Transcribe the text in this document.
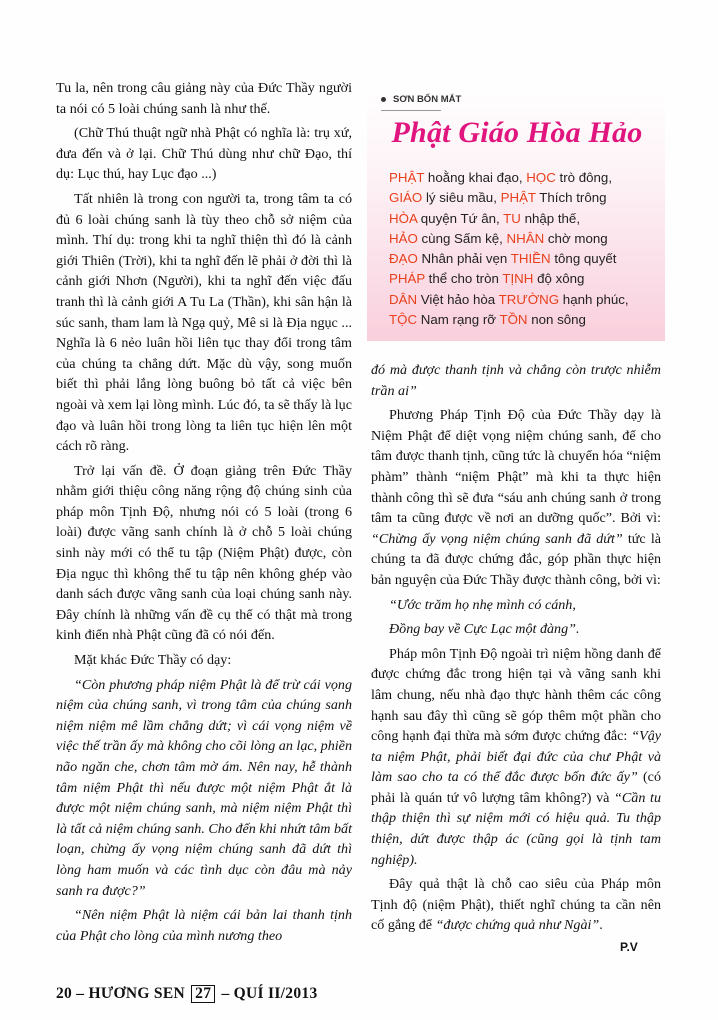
Tu la, nên trong câu giảng này của Đức Thầy người ta nói có 5 loài chúng sanh là như thế.

(Chữ Thú thuật ngữ nhà Phật có nghĩa là: trụ xứ, đưa đến và ở lại. Chữ Thú dùng như chữ Đạo, thí dụ: Lục thú, hay Lục đạo ...)

Tất nhiên là trong con người ta, trong tâm ta có đủ 6 loài chúng sanh là tùy theo chỗ sở niệm của mình. Thí dụ: trong khi ta nghĩ thiện thì đó là cảnh giới Thiên (Trời), khi ta nghĩ đến lẽ phải ở đời thì là cảnh giới Nhơn (Người), khi ta nghĩ đến việc đấu tranh thì là cảnh giới A Tu La (Thần), khi sân hận là súc sanh, tham lam là Ngạ quỷ, Mê si là Địa ngục ... Nghĩa là 6 nẻo luân hồi liên tục thay đổi trong tâm của chúng ta chẳng dứt. Mặc dù vậy, song muốn biết thì phải lắng lòng buông bỏ tất cả việc bên ngoài và xem lại lòng mình. Lúc đó, ta sẽ thấy là lục đạo và luân hồi trong lòng ta liên tục hiện lên một cách rõ ràng.

Trở lại vấn đề. Ở đoạn giảng trên Đức Thầy nhằm giới thiệu công năng rộng độ chúng sinh của pháp môn Tịnh Độ, nhưng nói có 5 loài (trong 6 loài) được vãng sanh chính là ở chỗ 5 loài chúng sinh này mới có thể tu tập (Niệm Phật) được, còn Địa ngục thì không thể tu tập nên không ghép vào danh sách được vãng sanh của loại chúng sanh này. Đây chính là những vấn đề cụ thể có thật mà trong kinh điển nhà Phật cũng đã có nói đến.

Mặt khác Đức Thầy có dạy:

“Còn phương pháp niệm Phật là để trừ cái vọng niệm của chúng sanh, vì trong tâm của chúng sanh niệm niệm mê lầm chẳng dứt; vì cái vọng niệm về việc thế trần ấy mà không cho cõi lòng an lạc, phiền não ngăn che, chơn tâm mờ ám. Nên nay, hễ thành tâm niệm Phật thì nếu được một niệm Phật ắt là được một niệm chúng sanh, mà niệm niệm Phật thì là tất cả niệm chúng sanh. Cho đến khi nhứt tâm bất loạn, chừng ấy vọng niệm chúng sanh đã dứt thì lòng ham muốn và các tình dục còn đâu mà nảy sanh ra được?”

“Nên niệm Phật là niệm cái bản lai thanh tịnh của Phật cho lòng của mình nương theo

SƠN BỐN MẮT
Phật Giáo Hòa Hảo
PHẬT hoằng khai đạo, HỌC trò đông,
GIÁO lý siêu mầu, PHẬT Thích trông
HÒA quyện Tứ ân, TU nhập thế,
HẢO cùng Sấm kệ, NHÂN chờ mong
ĐẠO Nhân phải vẹn THIỀN tông quyết
PHÁP thể cho tròn TỊNH độ xông
DÂN Việt hảo hòa TRƯỜNG hạnh phúc,
TỘC Nam rạng rỡ TỒN non sông

đó mà được thanh tịnh và chẳng còn trược nhiễm trần ai”

Phương Pháp Tịnh Độ của Đức Thầy dạy là Niệm Phật để diệt vọng niệm chúng sanh, để cho tâm được thanh tịnh, cũng tức là chuyển hóa “niệm phàm” thành “niệm Phật” mà khi ta thực hiện thành công thì sẽ đưa “sáu anh chúng sanh ở trong tâm ta cũng được về nơi an dưỡng quốc”. Bởi vì: “Chừng ấy vọng niệm chúng sanh đã dứt” tức là chúng ta đã được chứng đắc, góp phần thực hiện bản nguyện của Đức Thầy được thành công, bởi vì:

“Ước trăm họ nhẹ mình có cánh,

Đồng bay về Cực Lạc một đàng”.

Pháp môn Tịnh Độ ngoài trì niệm hồng danh để được chứng đắc trong hiện tại và vãng sanh khi lâm chung, nếu nhà đạo thực hành thêm các công hạnh sau đây thì cũng sẽ góp thêm một phần cho công hạnh đại thừa mà sớm được chứng đắc: “Vậy ta niệm Phật, phải biết đại đức của chư Phật và làm sao cho ta có thể đắc được bốn đức ấy” (có phải là quán tứ vô lượng tâm không?) và “Cần tu thập thiện thì sự niệm mới có hiệu quả. Tu thập thiện, dứt được thập ác (cũng gọi là tịnh tam nghiệp).

Đây quả thật là chỗ cao siêu của Pháp môn Tịnh độ (niệm Phật), thiết nghĩ chúng ta cần nên cố gắng để “được chứng quả như Ngài”.

P.V
20 – HƯƠNG SEN 27 – QUÍ II/2013
